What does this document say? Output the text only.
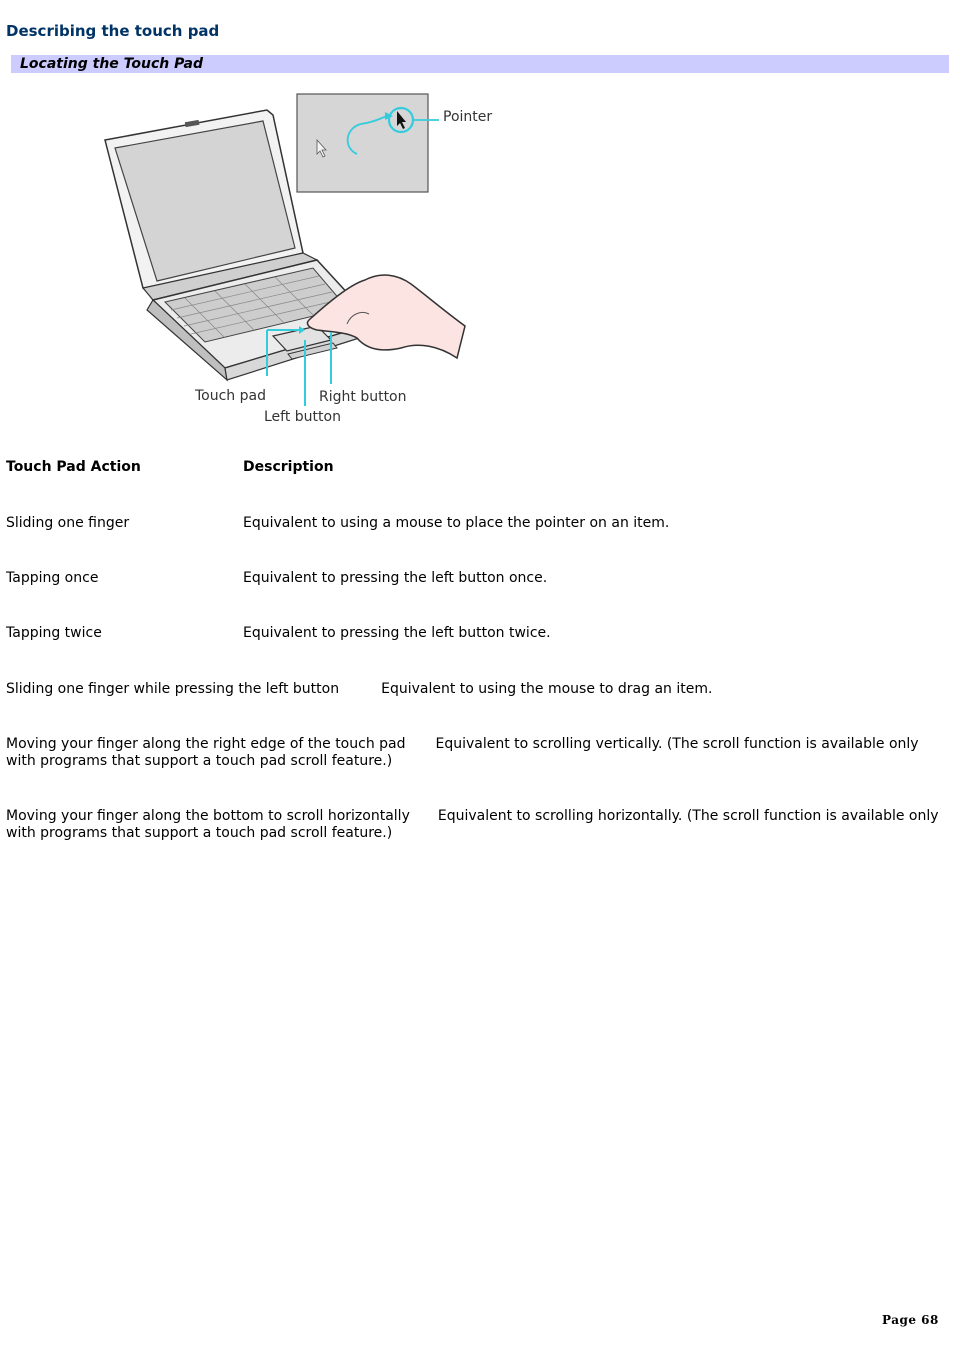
Describing the touch pad
Locating the Touch Pad
Pointer
Touch pad	Right button
Left button
Touch Pad Action	Description
Sliding one finger	Equivalent to using a mouse to place the pointer on an item.
Tapping once	Equivalent to pressing the left button once.
Tapping twice	Equivalent to pressing the left button twice.
Sliding one finger while pressing the left button	Equivalent to using the mouse to drag an item.
Moving your finger along the right edge of the touch pad Equivalent to scrolling vertically. (The scroll function is available only with programs that support a touch pad scroll feature.)
Moving your finger along the bottom to scroll horizontally Equivalent to scrolling horizontally. (The scroll function is available only with programs that support a touch pad scroll feature.)
Page 68
